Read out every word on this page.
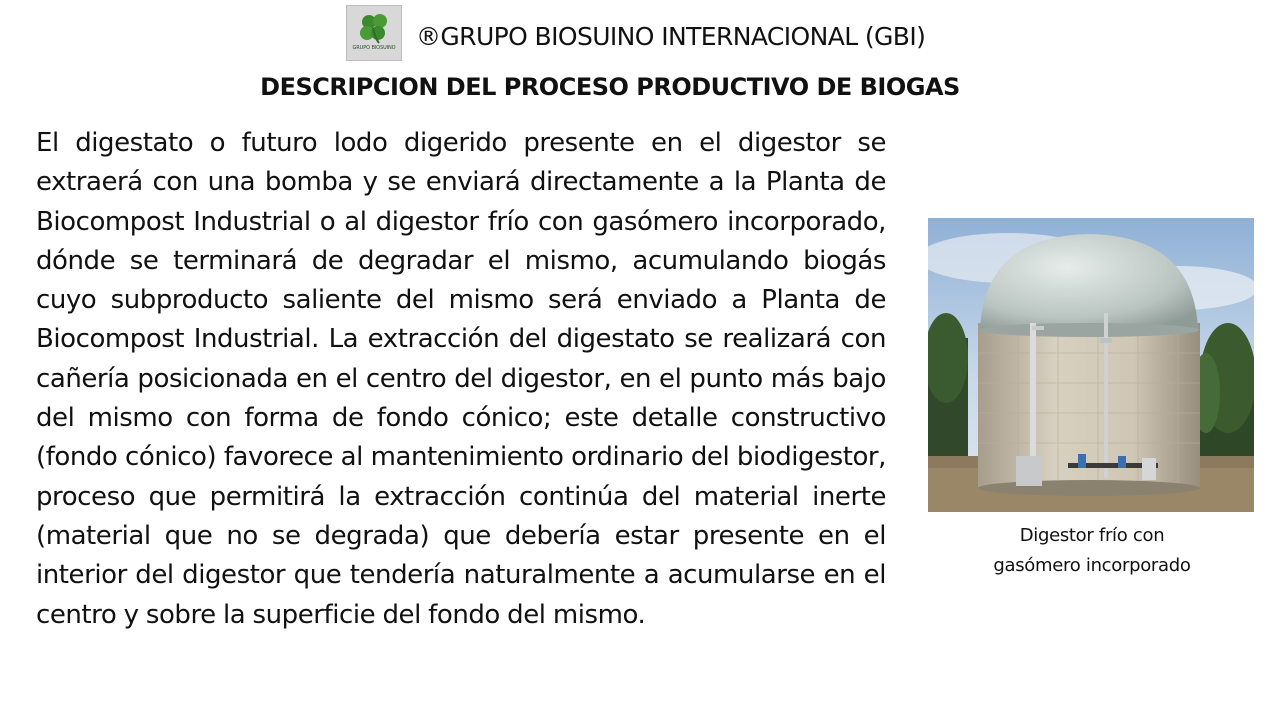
GRUPO BIOSUINO ®GRUPO BIOSUINO INTERNACIONAL (GBI)
DESCRIPCION DEL PROCESO PRODUCTIVO DE BIOGAS

El digestato o futuro lodo digerido presente en el digestor se extraerá con una bomba y se enviará directamente a la Planta de Biocompost Industrial o al digestor frío con gasómero incorporado, dónde se terminará de degradar el mismo, acumulando biogás cuyo subproducto saliente del mismo será enviado a Planta de Biocompost Industrial. La extracción del digestato se realizará con cañería posicionada en el centro del digestor, en el punto más bajo del mismo con forma de fondo cónico; este detalle constructivo (fondo cónico) favorece al mantenimiento ordinario del biodigestor, proceso que permitirá la extracción continúa del material inerte (material que no se degrada) que debería estar presente en el interior del digestor que tendería naturalmente a acumularse en el centro y sobre la superficie del fondo del mismo.

Digestor frío con
gasómero incorporado
